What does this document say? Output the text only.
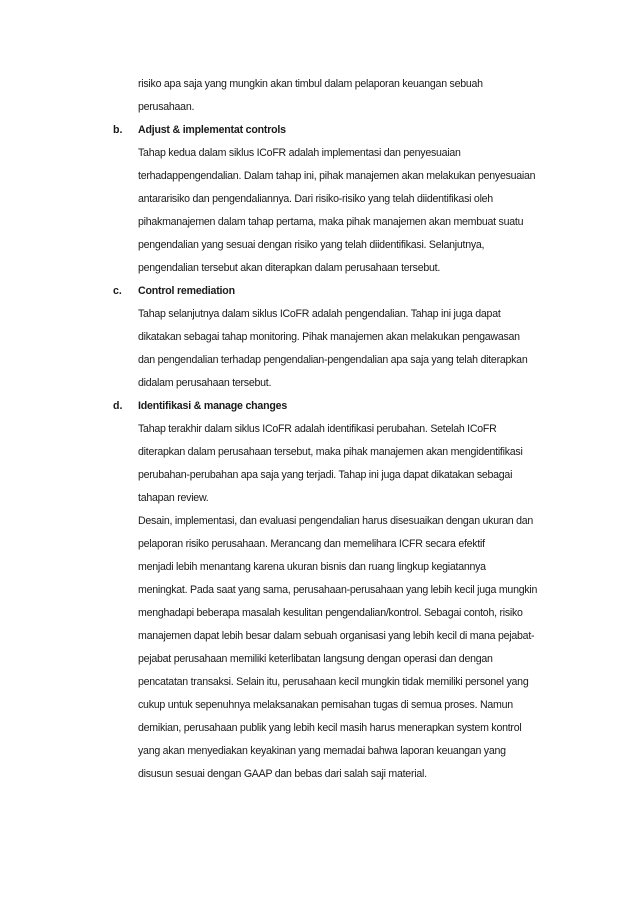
risiko apa saja yang mungkin akan timbul dalam pelaporan keuangan sebuah
perusahaan.
b. Adjust & implementat controls
Tahap kedua dalam siklus ICoFR adalah implementasi dan penyesuaian
terhadappengendalian. Dalam tahap ini, pihak manajemen akan melakukan penyesuaian
antararisiko dan pengendaliannya. Dari risiko-risiko yang telah diidentifikasi oleh
pihakmanajemen dalam tahap pertama, maka pihak manajemen akan membuat suatu
pengendalian yang sesuai dengan risiko yang telah diidentifikasi. Selanjutnya,
pengendalian tersebut akan diterapkan dalam perusahaan tersebut.
c. Control remediation
Tahap selanjutnya dalam siklus ICoFR adalah pengendalian. Tahap ini juga dapat
dikatakan sebagai tahap monitoring. Pihak manajemen akan melakukan pengawasan
dan pengendalian terhadap pengendalian-pengendalian apa saja yang telah diterapkan
didalam perusahaan tersebut.
d. Identifikasi & manage changes
Tahap terakhir dalam siklus ICoFR adalah identifikasi perubahan. Setelah ICoFR
diterapkan dalam perusahaan tersebut, maka pihak manajemen akan mengidentifikasi
perubahan-perubahan apa saja yang terjadi. Tahap ini juga dapat dikatakan sebagai
tahapan review.
Desain, implementasi, dan evaluasi pengendalian harus disesuaikan dengan ukuran dan
pelaporan risiko perusahaan. Merancang dan memelihara ICFR secara efektif
menjadi lebih menantang karena ukuran bisnis dan ruang lingkup kegiatannya
meningkat. Pada saat yang sama, perusahaan-perusahaan yang lebih kecil juga mungkin
menghadapi beberapa masalah kesulitan pengendalian/kontrol. Sebagai contoh, risiko
manajemen dapat lebih besar dalam sebuah organisasi yang lebih kecil di mana pejabat-
pejabat perusahaan memiliki keterlibatan langsung dengan operasi dan dengan
pencatatan transaksi. Selain itu, perusahaan kecil mungkin tidak memiliki personel yang
cukup untuk sepenuhnya melaksanakan pemisahan tugas di semua proses. Namun
demikian, perusahaan publik yang lebih kecil masih harus menerapkan system kontrol
yang akan menyediakan keyakinan yang memadai bahwa laporan keuangan yang
disusun sesuai dengan GAAP dan bebas dari salah saji material.
